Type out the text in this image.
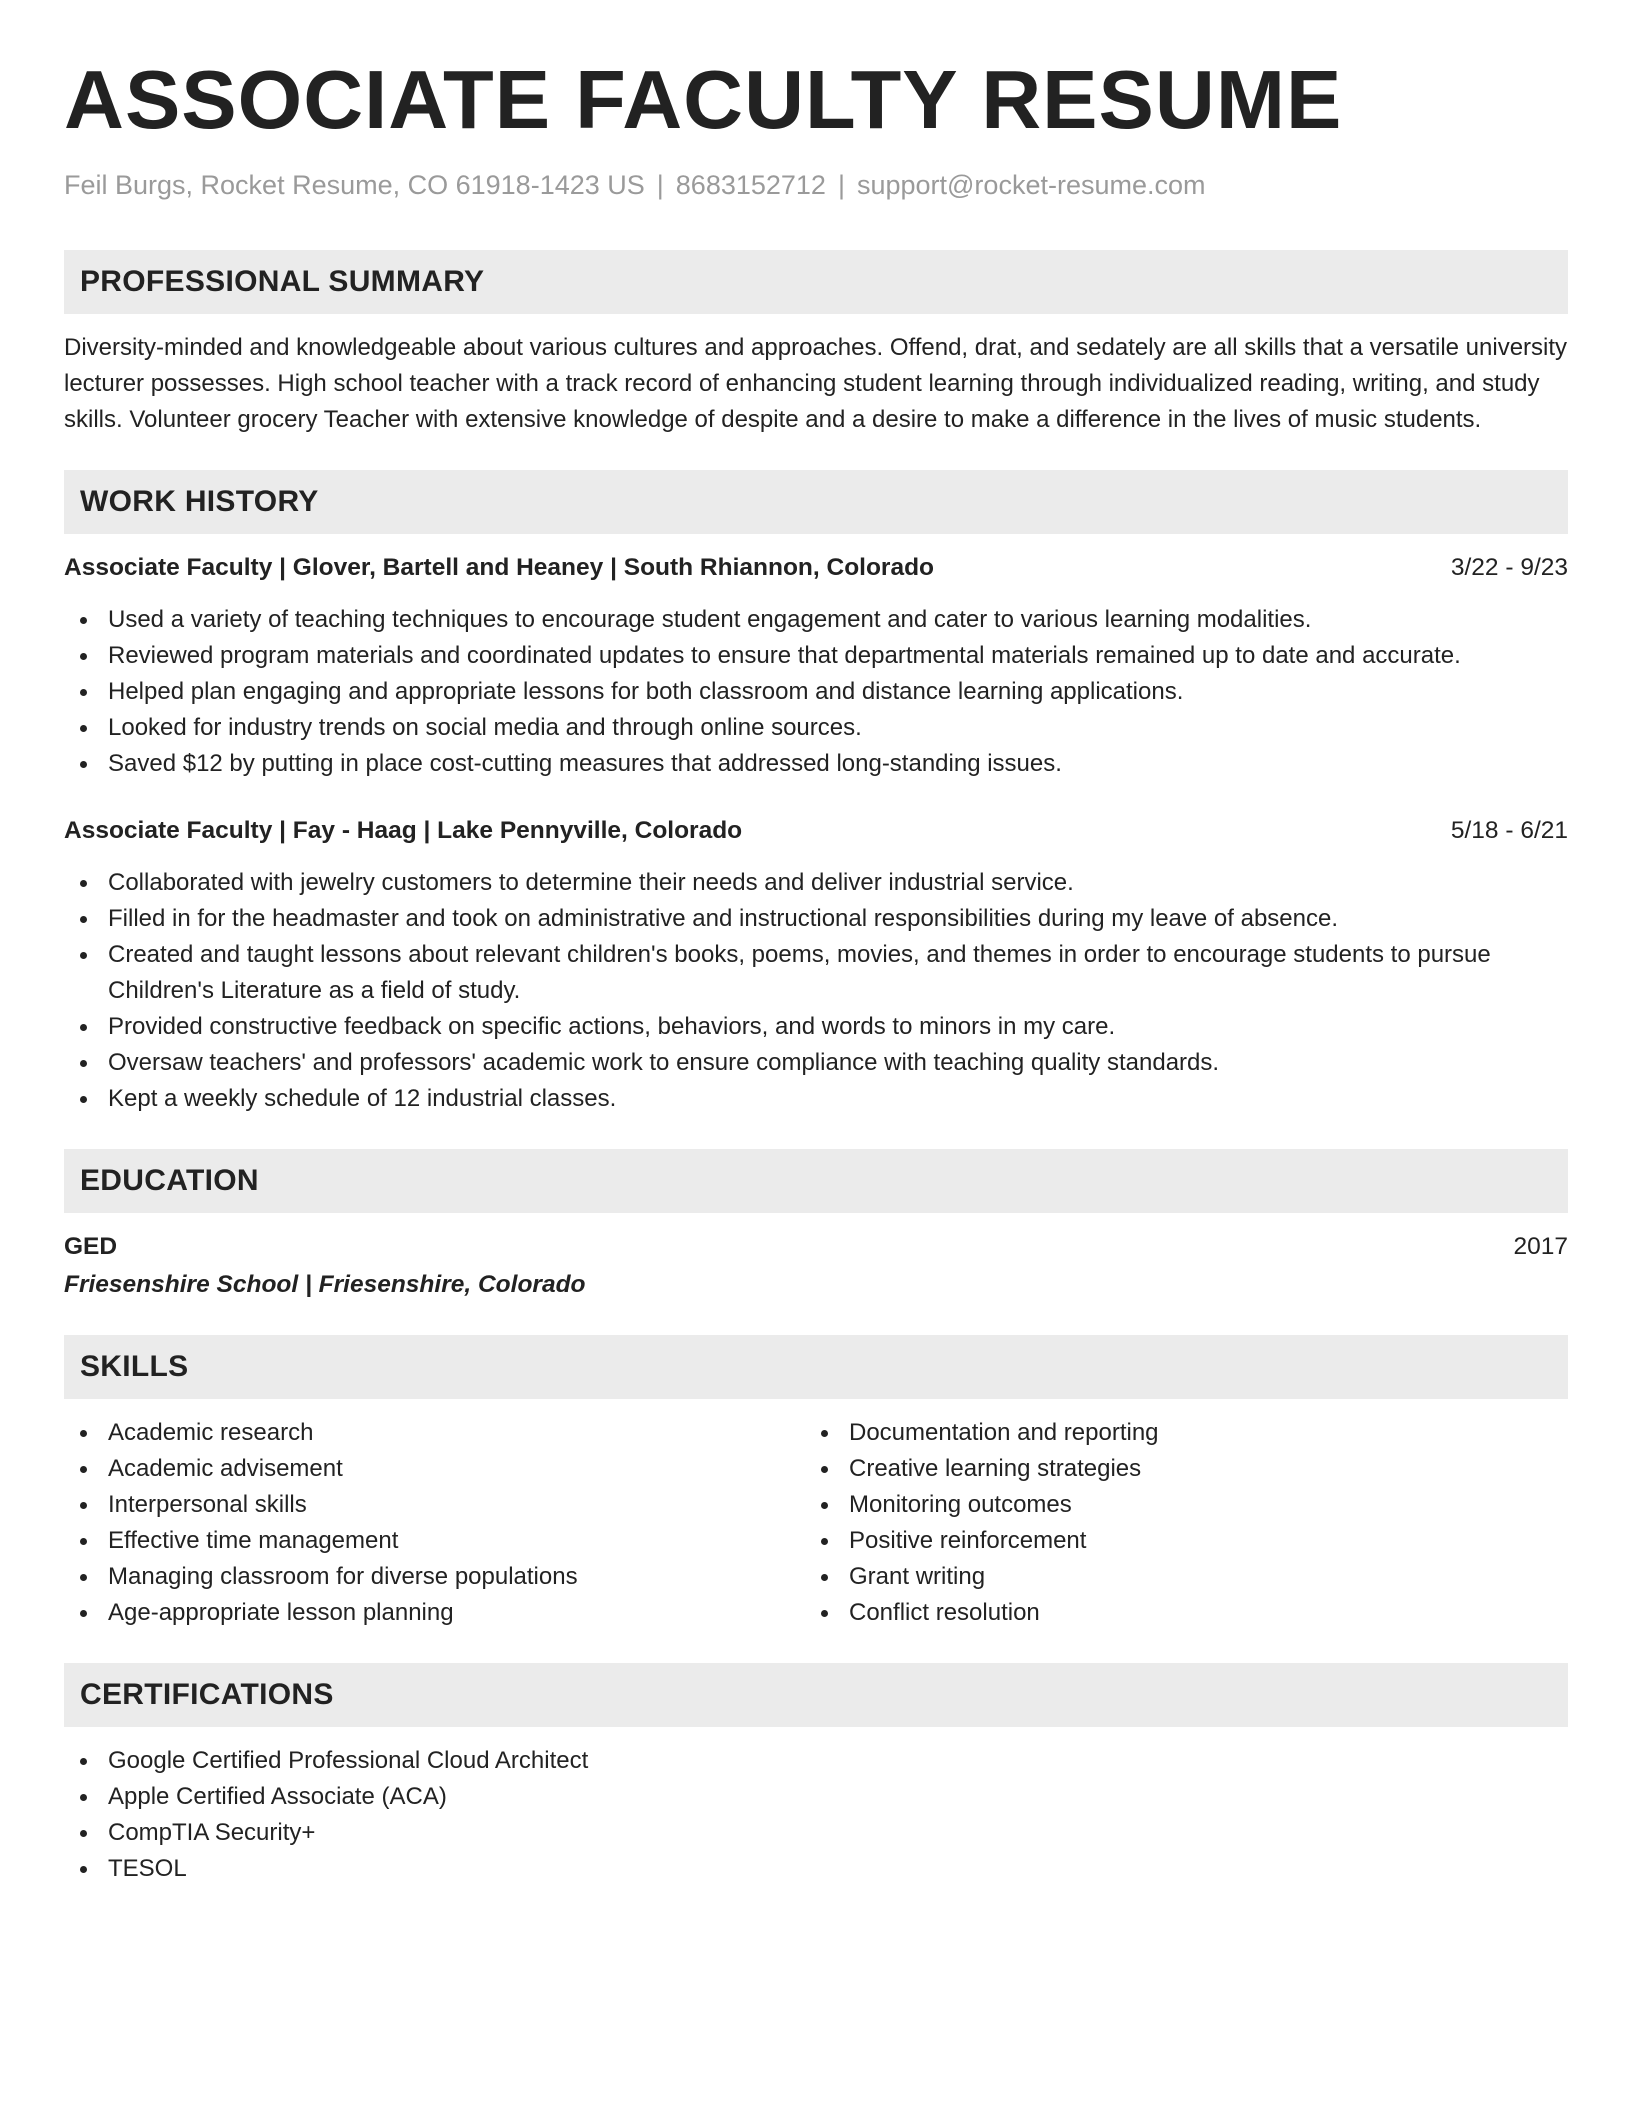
ASSOCIATE FACULTY RESUME
Feil Burgs, Rocket Resume, CO 61918-1423 US | 8683152712 | support@rocket-resume.com
PROFESSIONAL SUMMARY

Diversity-minded and knowledgeable about various cultures and approaches. Offend, drat, and sedately are all skills that a versatile university lecturer possesses. High school teacher with a track record of enhancing student learning through individualized reading, writing, and study skills. Volunteer grocery Teacher with extensive knowledge of despite and a desire to make a difference in the lives of music students.

WORK HISTORY
Associate Faculty | Glover, Bartell and Heaney | South Rhiannon, Colorado	3/22 - 9/23
Used a variety of teaching techniques to encourage student engagement and cater to various learning modalities.
Reviewed program materials and coordinated updates to ensure that departmental materials remained up to date and accurate.
Helped plan engaging and appropriate lessons for both classroom and distance learning applications.
Looked for industry trends on social media and through online sources.
Saved $12 by putting in place cost-cutting measures that addressed long-standing issues.
Associate Faculty | Fay - Haag | Lake Pennyville, Colorado	5/18 - 6/21
Collaborated with jewelry customers to determine their needs and deliver industrial service.
Filled in for the headmaster and took on administrative and instructional responsibilities during my leave of absence.
Created and taught lessons about relevant children's books, poems, movies, and themes in order to encourage students to pursue Children's Literature as a field of study.
Provided constructive feedback on specific actions, behaviors, and words to minors in my care.
Oversaw teachers' and professors' academic work to ensure compliance with teaching quality standards.
Kept a weekly schedule of 12 industrial classes.
EDUCATION
GED	2017
Friesenshire School | Friesenshire, Colorado
SKILLS
Academic research
Academic advisement
Interpersonal skills
Effective time management
Managing classroom for diverse populations
Age-appropriate lesson planning
Documentation and reporting
Creative learning strategies
Monitoring outcomes
Positive reinforcement
Grant writing
Conflict resolution
CERTIFICATIONS
Google Certified Professional Cloud Architect
Apple Certified Associate (ACA)
CompTIA Security+
TESOL
